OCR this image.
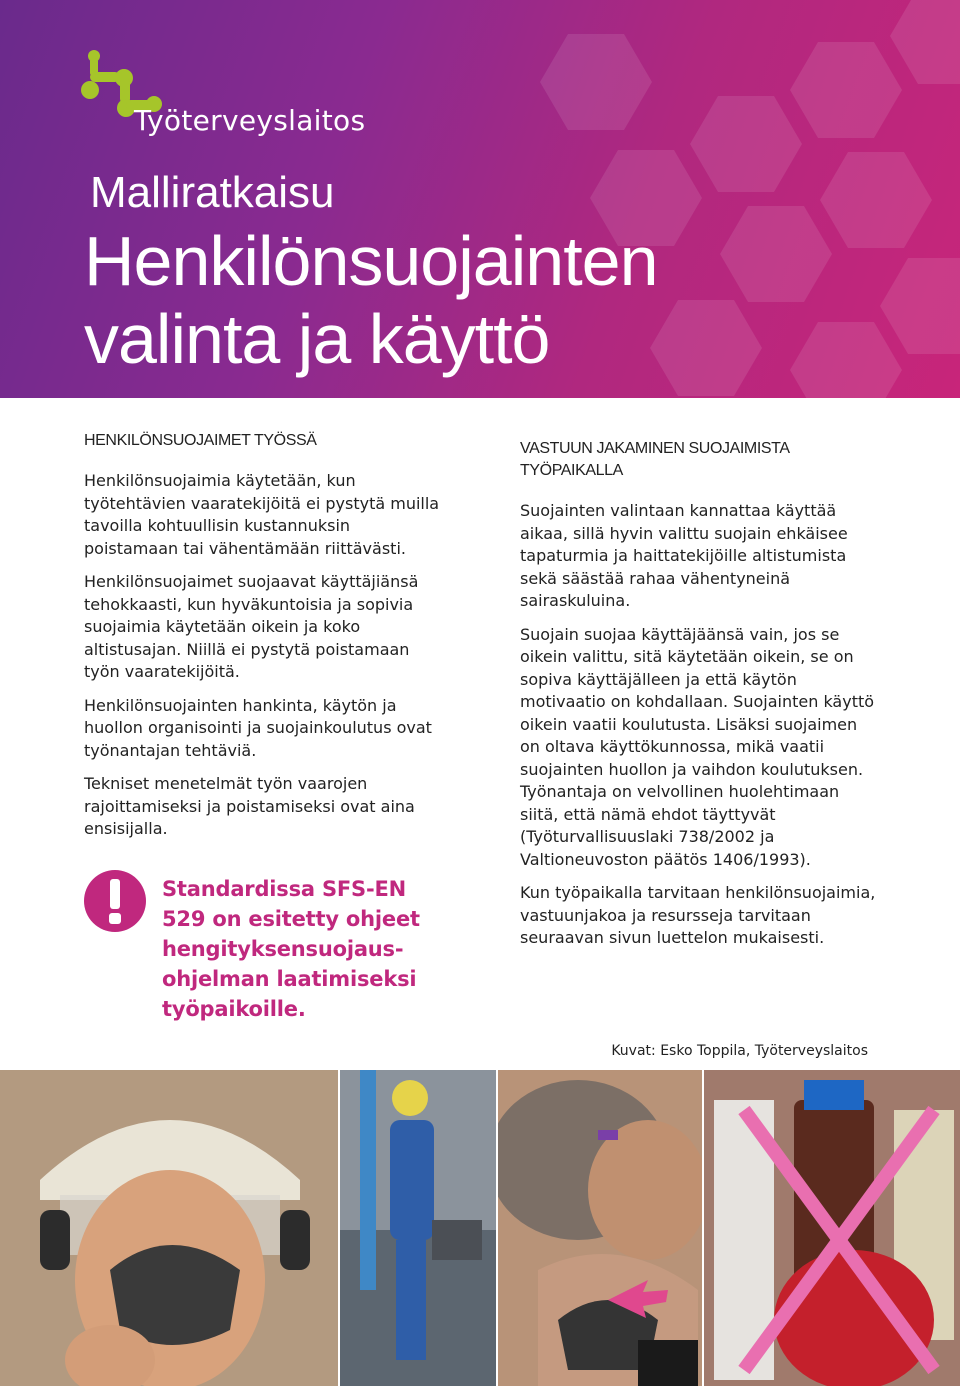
Työterveyslaitos
Malliratkaisu
Henkilönsuojainten
valinta ja käyttö
HENKILÖNSUOJAIMET TYÖSSÄ

Henkilönsuojaimia käytetään, kun työtehtävien vaaratekijöitä ei pystytä muilla tavoilla kohtuullisin kustannuksin poistamaan tai vähentämään riittävästi.

Henkilönsuojaimet suojaavat käyttäjiänsä tehokkaasti, kun hyväkuntoisia ja sopivia suojaimia käytetään oikein ja koko altistusajan. Niillä ei pystytä poistamaan työn vaaratekijöitä.

Henkilönsuojainten hankinta, käytön ja huollon organisointi ja suojainkoulutus ovat työnantajan tehtäviä.

Tekniset menetelmät työn vaarojen rajoittamiseksi ja poistamiseksi ovat aina ensisijalla.

Standardissa SFS-EN 529 on esitetty ohjeet hengityksensuojaus-ohjelman laatimiseksi työpaikoille.
VASTUUN JAKAMINEN SUOJAIMISTA TYÖPAIKALLA

Suojainten valintaan kannattaa käyttää aikaa, sillä hyvin valittu suojain ehkäisee tapaturmia ja haittatekijöille altistumista sekä säästää rahaa vähentyneinä sairaskuluina.

Suojain suojaa käyttäjäänsä vain, jos se oikein valittu, sitä käytetään oikein, se on sopiva käyttäjälleen ja että käytön motivaatio on kohdallaan. Suojainten käyttö oikein vaatii koulutusta. Lisäksi suojaimen on oltava käyttökunnossa, mikä vaatii suojainten huollon ja vaihdon koulutuksen. Työnantaja on velvollinen huolehtimaan siitä, että nämä ehdot täyttyvät (Työturvallisuuslaki 738/2002 ja Valtioneuvoston päätös 1406/1993).

Kun työpaikalla tarvitaan henkilönsuojaimia, vastuunjakoa ja resursseja tarvitaan seuraavan sivun luettelon mukaisesti.

Kuvat: Esko Toppila, Työterveyslaitos
